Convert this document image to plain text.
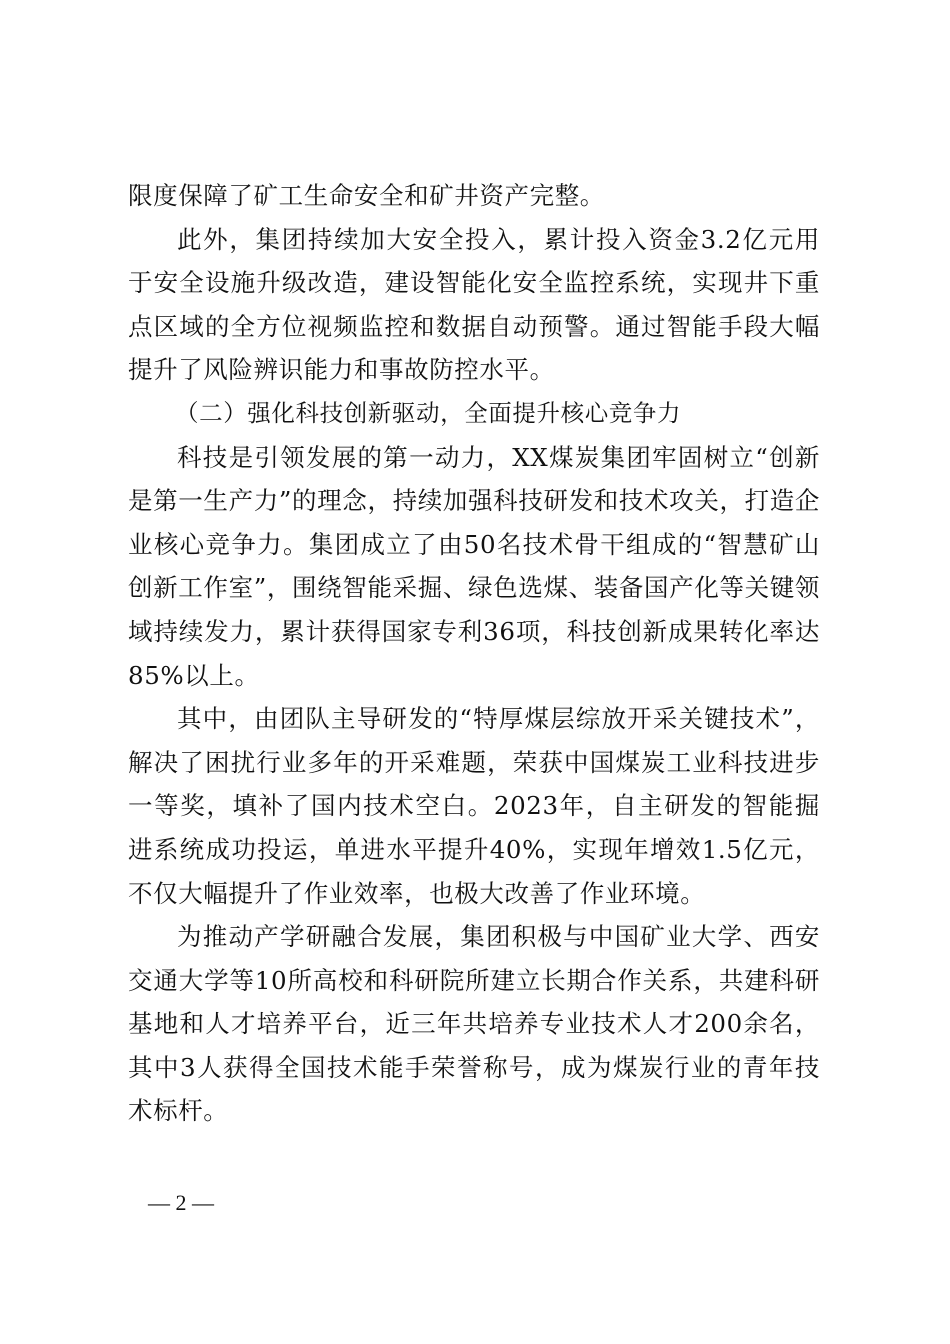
限度保障了矿工生命安全和矿井资产完整。

此外，集团持续加大安全投入，累计投入资金3.2亿元用于安全设施升级改造，建设智能化安全监控系统，实现井下重点区域的全方位视频监控和数据自动预警。通过智能手段大幅提升了风险辨识能力和事故防控水平。

（二）强化科技创新驱动，全面提升核心竞争力

科技是引领发展的第一动力，XX煤炭集团牢固树立“创新是第一生产力”的理念，持续加强科技研发和技术攻关，打造企业核心竞争力。集团成立了由50名技术骨干组成的“智慧矿山创新工作室”，围绕智能采掘、绿色选煤、装备国产化等关键领域持续发力，累计获得国家专利36项，科技创新成果转化率达85%以上。

其中，由团队主导研发的“特厚煤层综放开采关键技术”，解决了困扰行业多年的开采难题，荣获中国煤炭工业科技进步一等奖，填补了国内技术空白。2023年，自主研发的智能掘进系统成功投运，单进水平提升40%，实现年增效1.5亿元，不仅大幅提升了作业效率，也极大改善了作业环境。

为推动产学研融合发展，集团积极与中国矿业大学、西安交通大学等10所高校和科研院所建立长期合作关系，共建科研基地和人才培养平台，近三年共培养专业技术人才200余名，其中3人获得全国技术能手荣誉称号，成为煤炭行业的青年技术标杆。

— 2 —
